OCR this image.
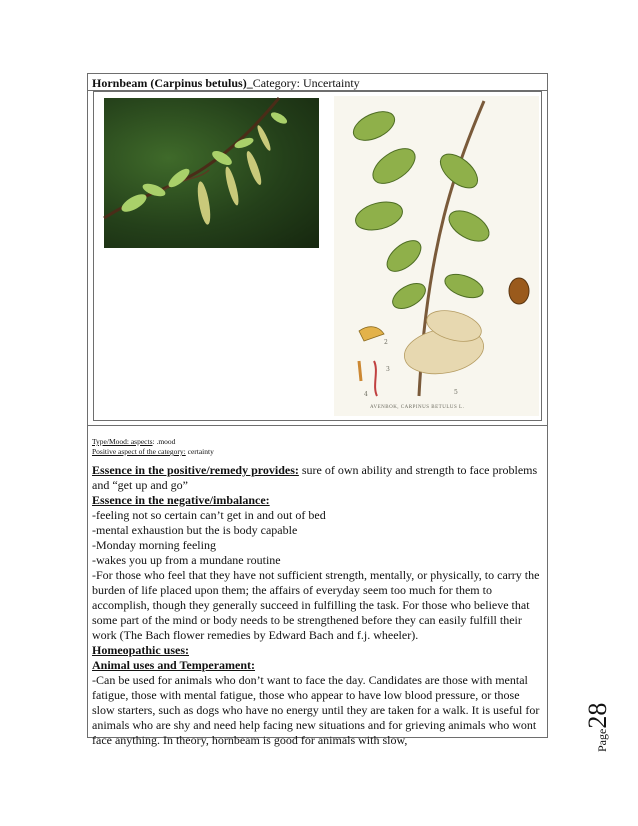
Hornbeam (Carpinus betulus)_Category: Uncertainty
2
3
4	5
AVENBOK, CARPINUS BETULUS L.
Type/Mood: aspects: .mood
Positive aspect of the category: certainty

Essence in the positive/remedy provides: sure of own ability and strength to face problems and “get up and go”

Essence in the negative/imbalance:

-feeling not so certain can’t get in and out of bed

-mental exhaustion but the is body capable

-Monday morning feeling

-wakes you up from a mundane routine

-For those who feel that they have not sufficient strength, mentally, or physically, to carry the burden of life placed upon them; the affairs of everyday seem too much for them to accomplish, though they generally succeed in fulfilling the task. For those who believe that some part of the mind or body needs to be strengthened before they can easily fulfill their work (The Bach flower remedies by Edward Bach and f.j. wheeler).

Homeopathic uses:

Animal uses and Temperament:

-Can be used for animals who don’t want to face the day. Candidates are those with mental fatigue, those with mental fatigue, those who appear to have low blood pressure, or those slow starters, such as dogs who have no energy until they are taken for a walk. It is useful for animals who are shy and need help facing new situations and for grieving animals who wont face anything. In theory, hornbeam is good for animals with slow,	Page28
